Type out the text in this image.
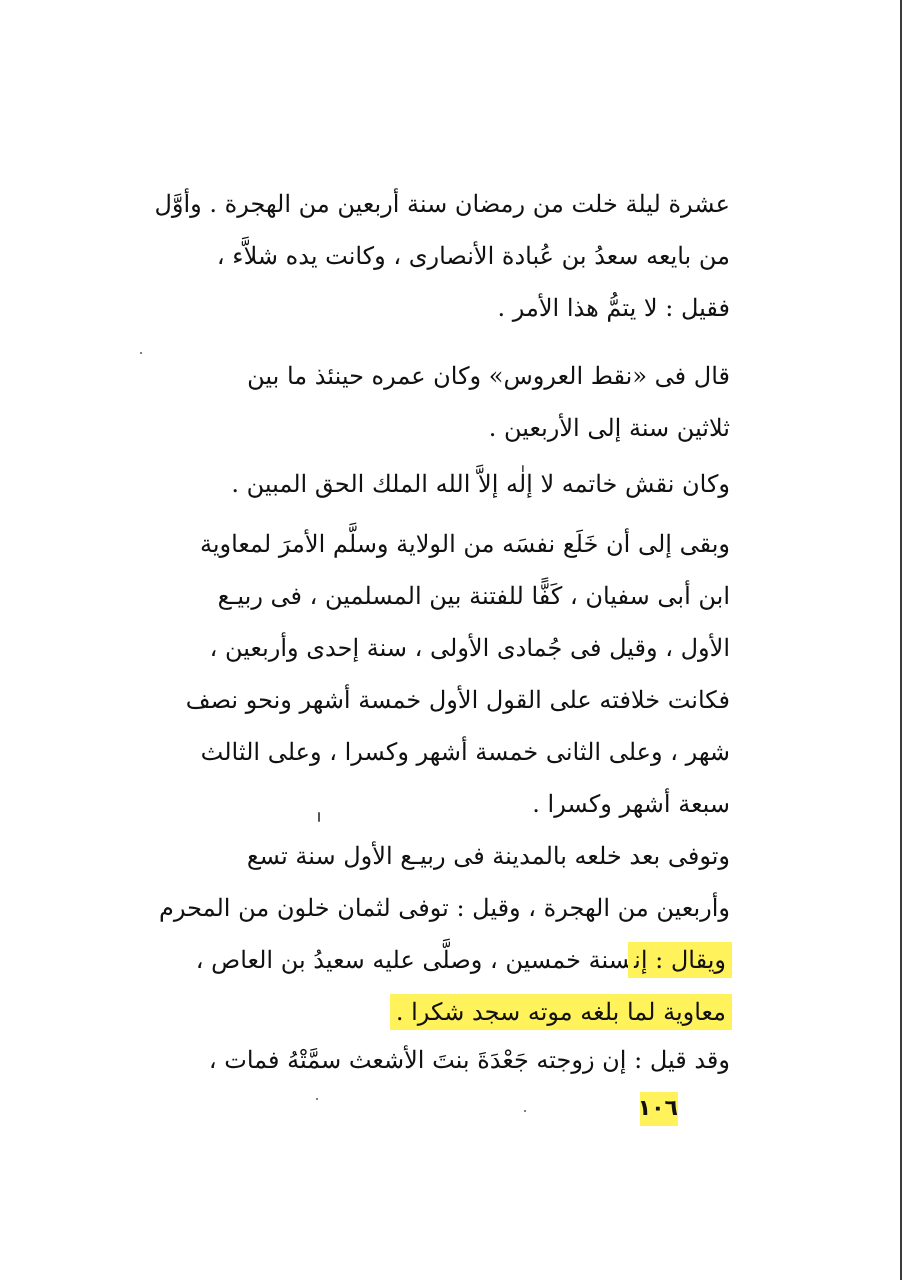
عشرة ليلة خلت من رمضان سنة أربعين من الهجرة . وأوَّل
من بايعه سعدُ بن عُبادة الأنصارى ، وكانت يده شلاَّء ،
فقيل : لا يتمُّ هذا الأمر .
قال فى «نقط العروس» وكان عمره حينئذ ما بين
ثلاثين سنة إلى الأربعين .
وكان نقش خاتمه لا إلٰه إلاَّ الله الملك الحق المبين .
وبقى إلى أن خَلَع نفسَه من الولاية وسلَّم الأمرَ لمعاوية
ابن أبى سفيان ، كَفًّا للفتنة بين المسلمين ، فى ربيـع
الأول ، وقيل فى جُمادى الأولى ، سنة إحدى وأربعين ،
فكانت خلافته على القول الأول خمسة أشهر ونحو نصف
شهر ، وعلى الثانى خمسة أشهر وكسرا ، وعلى الثالث
سبعة أشهر وكسرا .
وتوفى بعد خلعه بالمدينة فى ربيـع الأول سنة تسع
وأربعين من الهجرة ، وقيل : توفى لثمان خلون من المحرم
ويقال : إنسنة خمسين ، وصلَّى عليه سعيدُ بن العاص ،
معاوية لما بلغه موته سجد شكرا .
وقد قيل : إن زوجته جَعْدَةَ بنتَ الأشعث سمَّتْهُ فمات ،
١٠٦
